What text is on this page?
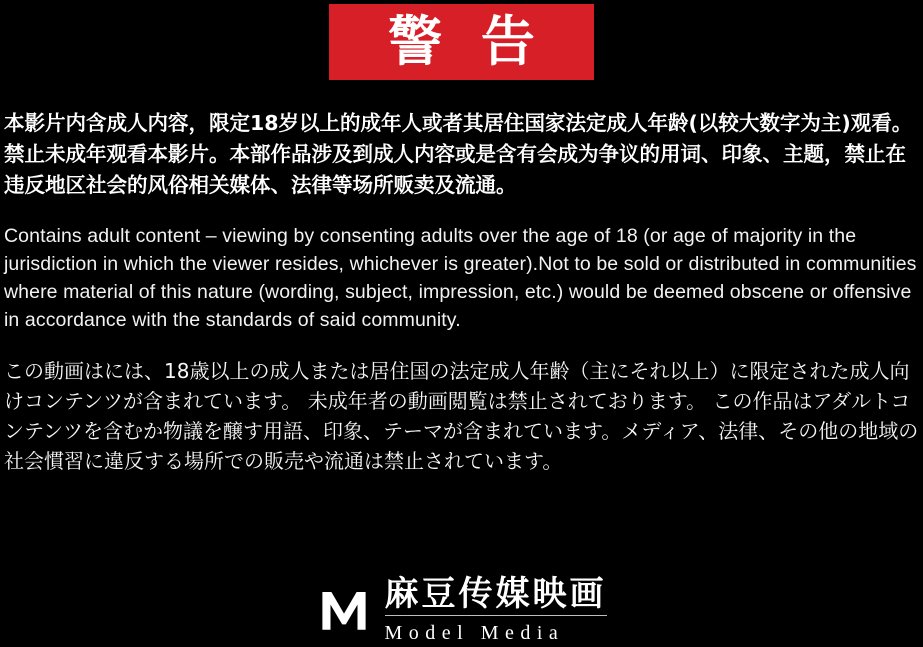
警 告

本影片内含成人内容，限定18岁以上的成年人或者其居住国家法定成人年龄(以较大数字为主)观看。禁止未成年观看本影片。本部作品涉及到成人内容或是含有会成为争议的用词、印象、主题，禁止在违反地区社会的风俗相关媒体、法律等场所贩卖及流通。

Contains adult content – viewing by consenting adults over the age of 18 (or age of majority in the jurisdiction in which the viewer resides, whichever is greater).Not to be sold or distributed in communities where material of this nature (wording, subject, impression, etc.) would be deemed obscene or offensive in accordance with the standards of said community.

この動画はには、18歳以上の成人または居住国の法定成人年齢（主にそれ以上）に限定された成人向けコンテンツが含まれています。 未成年者の動画閲覧は禁止されております。 この作品はアダルトコンテンツを含むか物議を醸す用語、印象、テーマが含まれています。メディア、法律、その他の地域の社会慣習に違反する場所での販売や流通は禁止されています。

麻豆传媒映画
Model Media
